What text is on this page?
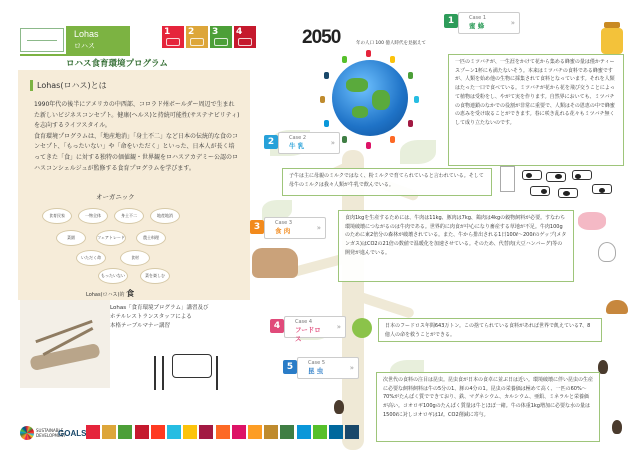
Lohas
ロハス
ロハス食育環境プログラム
1 2 3 4
Lohas(ロハス)とは

1990年代の後半にアメリカの中西部、コロラド州ボールダー周辺で生まれた新しいビジネスコンセプト。健康(ヘルス)と持続可能性(サステナビリティ)を志向するライフスタイル。

食育環境プログラムは、「地産地消」「身土不二」など日本の伝統的な食のコンセプト、「もったいない」や「命をいただく」といった、日本人が長く培ってきた「食」に対する独特の価値観・世界観をロハスアカデミー公認のロハスコンシェルジュが監修する食育プログラムを学びます。

オーガニック
食育民家	一物全体	身土不二	地産地消
菜園	フェアトレード	農土料理
いただく命	食材
もったいない	菜を楽しむ
Lohas(ロハス)的 食

Lohas「食育環境プログラム」講習及び

ホテルレストランスタッフによる

本格テーブルマナー講習

2050	年の人口 100 億人時代を見据えて
1	Case 1
蜜 蜂	»
一匹のミツバチが、一生涯をかけて花から集める蜂蜜の量は僅かティースプーン1杯にも満たないそう。本来はミツバチの食料である蜂蜜ですが、人類を始め他の生物に採集されて食料となっています。それを人類はたった一口で食べている。ミツバチが花から花を飛び交うことによって植物は受粉をし、やがて実を作ります。自然界においても、ミツバチの食物連鎖のなかでの役割が非常に重要で、人類はその恩恵の中で蜂蜜の恵みを受け取ることができます。春に咲き乱れる花々もミツバチ無くして成り立たないのです。
2	Case 2
牛 乳	»
子牛は主に母親のミルクではなく、粉ミルクで育てられていると言われている。そして母牛のミルクは我々人類が牛乳で飲んでいる。
3	Case 3
食 肉	»
食肉1kgを生産するためには、牛肉は11kg、豚肉は7kg、鶏肉は4kgの穀物飼料が必要。すなわち環境破壊につながるのは牛肉である。世界的に肉食が中心になり畜産する草地が不足。牛肉100gのために東2倍分の森林が破壊されている。また、牛から排出される1日100ℓ〜200ℓのゲップ(メタンガス)はCO2の21倍の数値で温暖化を加速させている。そのため、代替肉(大豆ハンバーグ)等の開発が進んでいる。
4	Case 4
フードロス
»	日本のフードロス年間643万トン。この捨てられている食料があれば世界で飢えている7、8億人の命を救うことができる。
5	Case 5
昆 虫	»
次世代の食料の注目は昆虫。昆虫食が日本の食卓に並ぶ日は近い。環境破壊に伴い昆虫の生産に必要な飼料飼料は牛の5分の1、豚の4分の1。昆虫の栄養価は極めて高く、一匹の60%〜70%がたんぱく質でできており、鉄、マグネシウム、カルシウム、亜鉛、ミネラルと栄養価が高い。コオロギ100gのたんぱく質量は牛とほぼ一緒。牛の体重1kg増加に必要な水の量は1500ℓに対しコオロギは1ℓ。CO2削減に寄与。
SUSTAINABLE
DEVELOPMENT
GOALS
